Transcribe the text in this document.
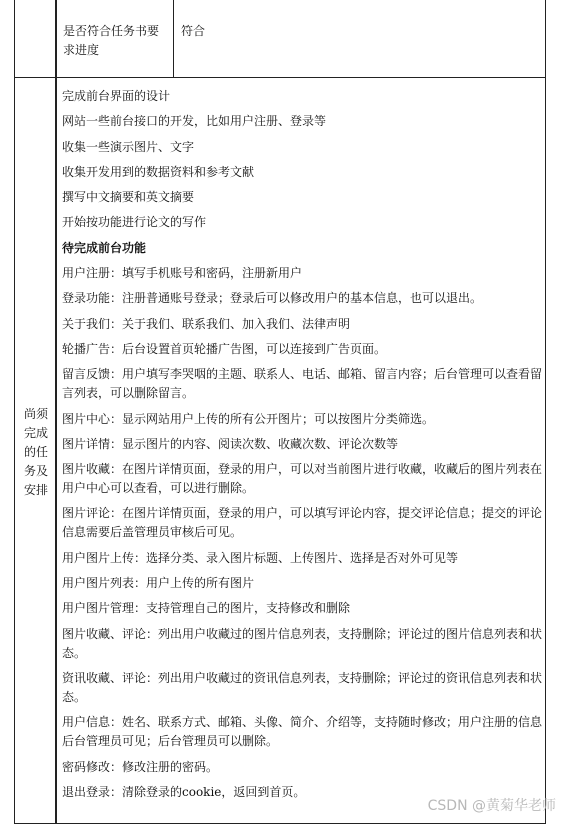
是否符合任务书要求进度
符合
尚须完成的任务及安排

完成前台界面的设计

网站一些前台接口的开发，比如用户注册、登录等

收集一些演示图片、文字

收集开发用到的数据资料和参考文献

撰写中文摘要和英文摘要

开始按功能进行论文的写作

待完成前台功能

用户注册：填写手机账号和密码，注册新用户

登录功能：注册普通账号登录；登录后可以修改用户的基本信息，也可以退出。

关于我们：关于我们、联系我们、加入我们、法律声明

轮播广告：后台设置首页轮播广告图，可以连接到广告页面。

留言反馈：用户填写李哭咽的主题、联系人、电话、邮箱、留言内容；后台管理可以查看留言列表，可以删除留言。

图片中心：显示网站用户上传的所有公开图片；可以按图片分类筛选。

图片详情：显示图片的内容、阅读次数、收藏次数、评论次数等

图片收藏：在图片详情页面，登录的用户，可以对当前图片进行收藏，收藏后的图片列表在用户中心可以查看，可以进行删除。

图片评论：在图片详情页面，登录的用户，可以填写评论内容，提交评论信息；提交的评论信息需要后盖管理员审核后可见。

用户图片上传：选择分类、录入图片标题、上传图片、选择是否对外可见等

用户图片列表：用户上传的所有图片

用户图片管理：支持管理自己的图片，支持修改和删除

图片收藏、评论：列出用户收藏过的图片信息列表，支持删除；评论过的图片信息列表和状态。

资讯收藏、评论：列出用户收藏过的资讯信息列表，支持删除；评论过的资讯信息列表和状态。

用户信息：姓名、联系方式、邮箱、头像、简介、介绍等，支持随时修改；用户注册的信息后台管理员可见；后台管理员可以删除。

密码修改：修改注册的密码。

退出登录：清除登录的cookie，返回到首页。

CSDN @黄菊华老师
